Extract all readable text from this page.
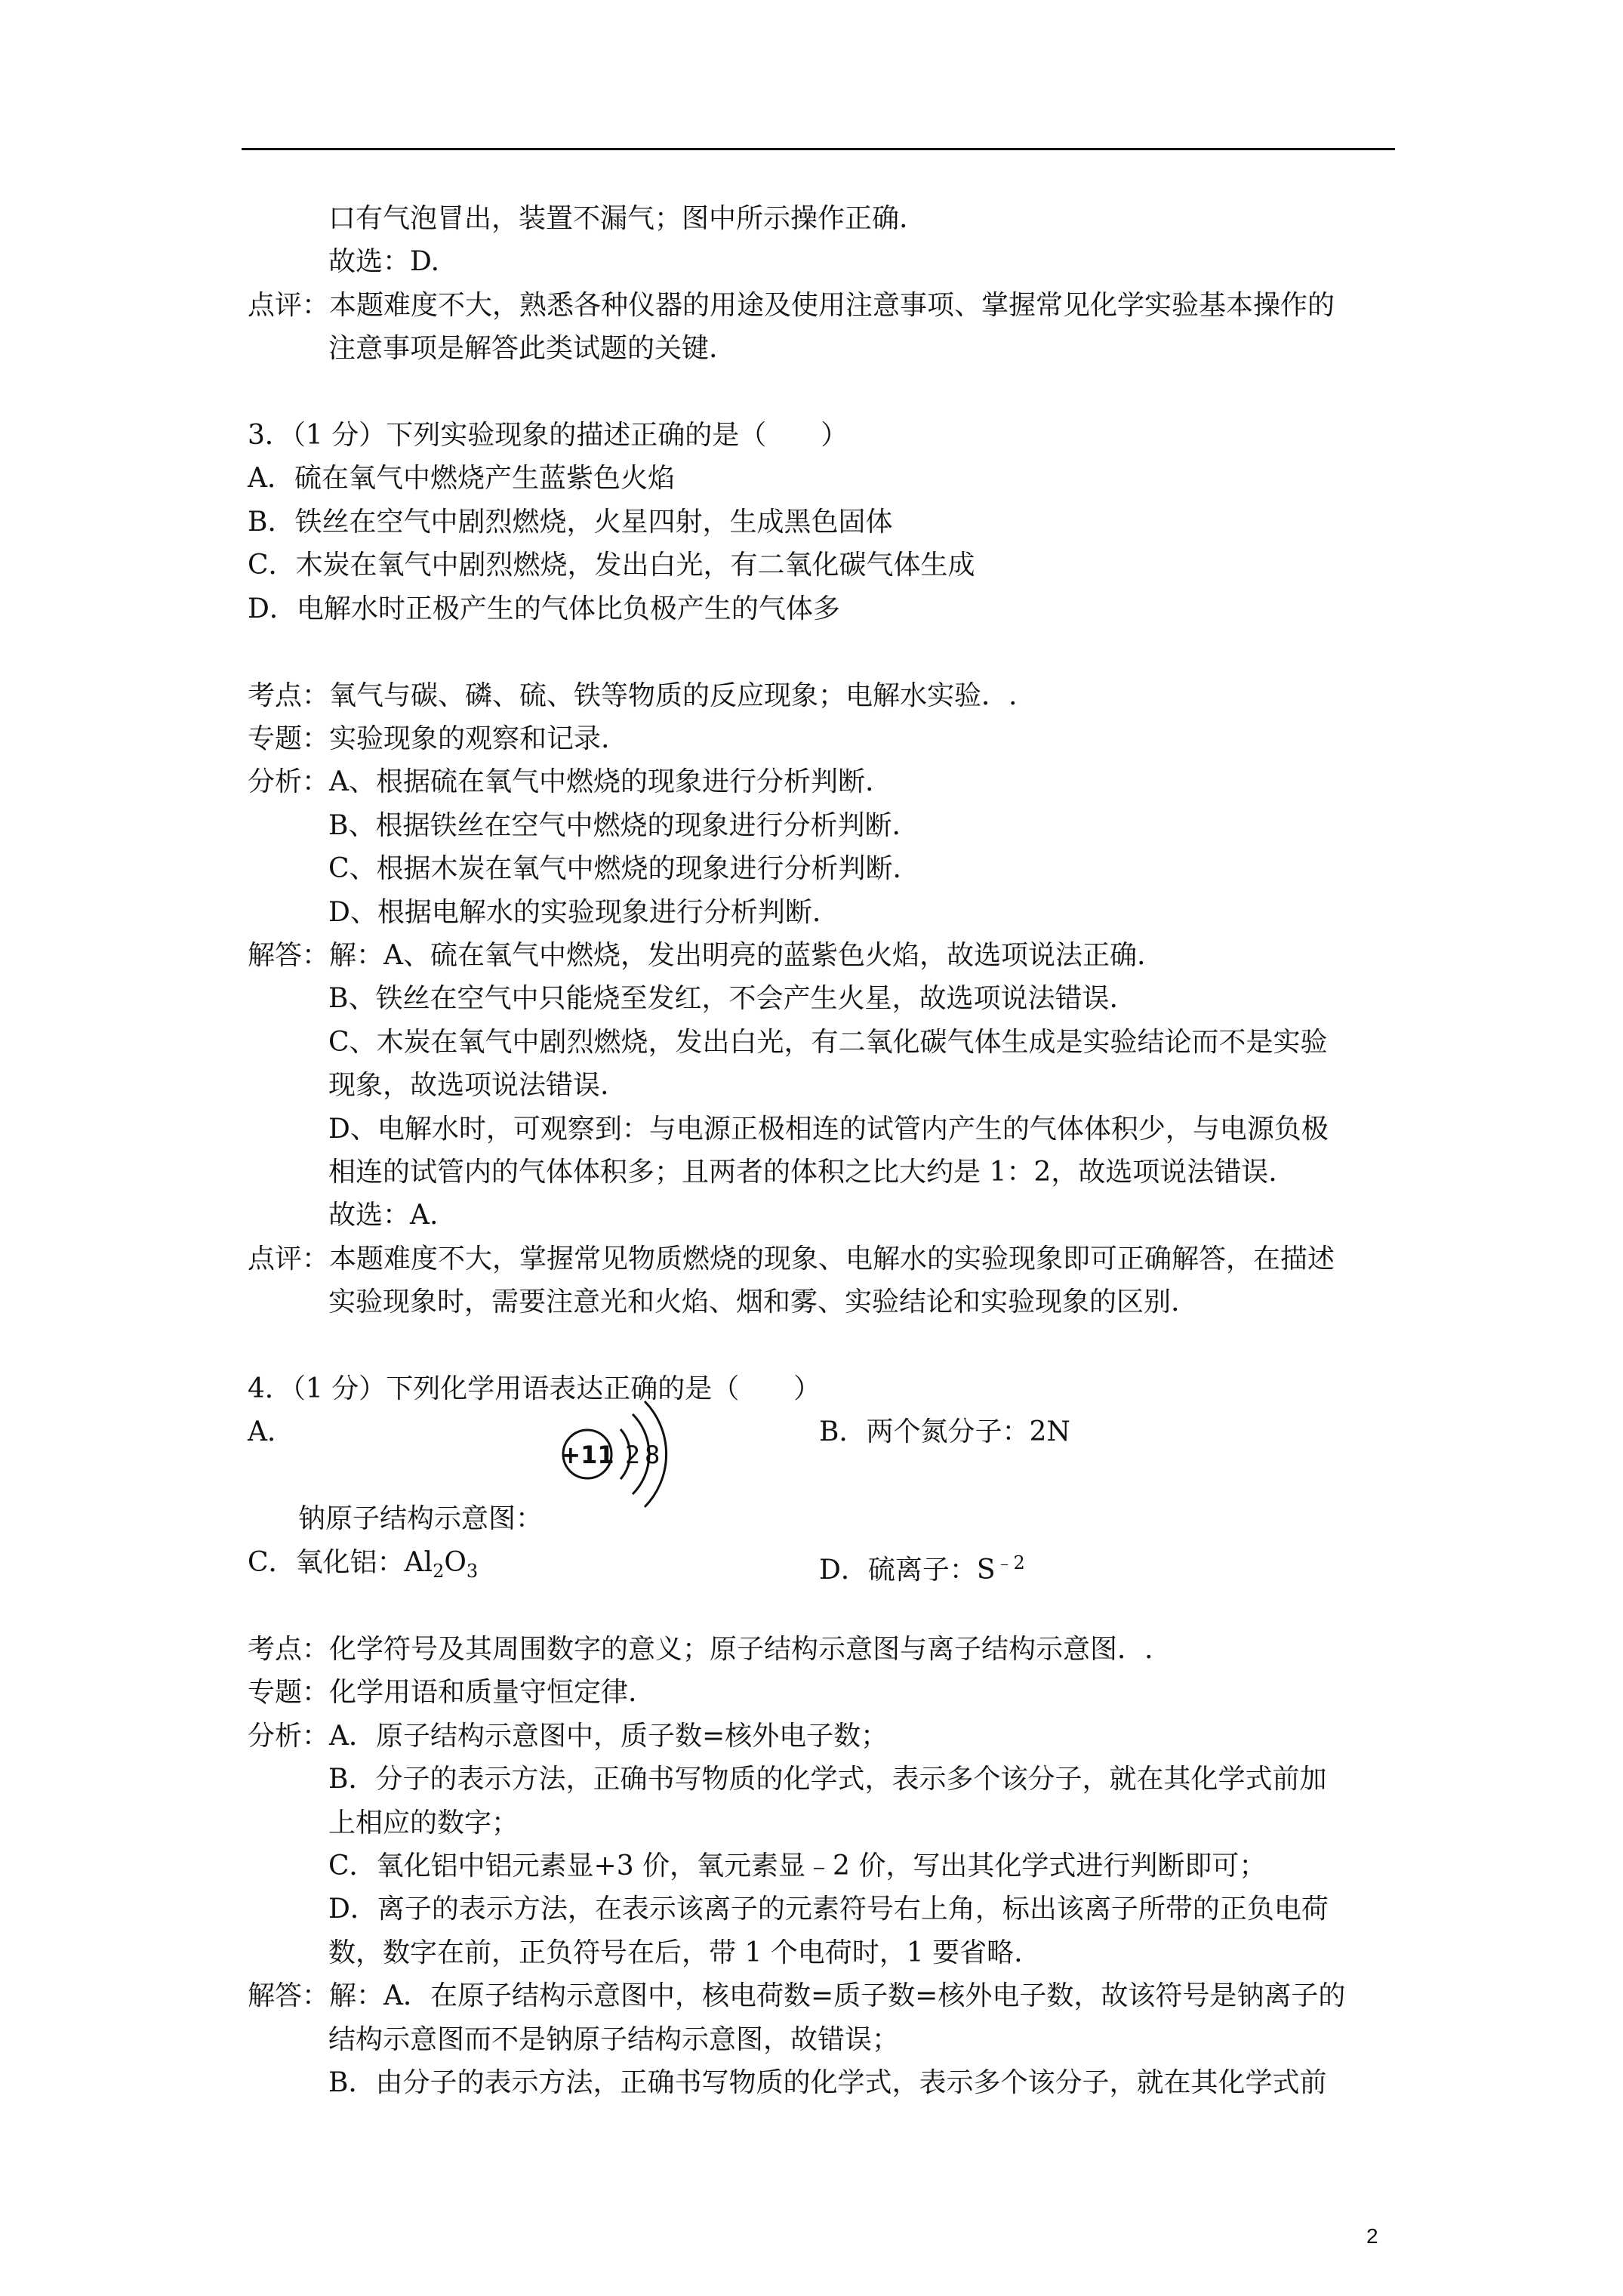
口有气泡冒出，装置不漏气；图中所示操作正确.
故选：D.
点评：本题难度不大，熟悉各种仪器的用途及使用注意事项、掌握常见化学实验基本操作的
注意事项是解答此类试题的关键.
3．（1 分）下列实验现象的描述正确的是（　　）
A．硫在氧气中燃烧产生蓝紫色火焰
B．铁丝在空气中剧烈燃烧，火星四射，生成黑色固体
C．木炭在氧气中剧烈燃烧，发出白光，有二氧化碳气体生成
D．电解水时正极产生的气体比负极产生的气体多
考点：氧气与碳、磷、硫、铁等物质的反应现象；电解水实验．.
专题：实验现象的观察和记录.
分析：A、根据硫在氧气中燃烧的现象进行分析判断.
B、根据铁丝在空气中燃烧的现象进行分析判断.
C、根据木炭在氧气中燃烧的现象进行分析判断.
D、根据电解水的实验现象进行分析判断.
解答：解：A、硫在氧气中燃烧，发出明亮的蓝紫色火焰，故选项说法正确.
B、铁丝在空气中只能烧至发红，不会产生火星，故选项说法错误.
C、木炭在氧气中剧烈燃烧，发出白光，有二氧化碳气体生成是实验结论而不是实验
现象，故选项说法错误.
D、电解水时，可观察到：与电源正极相连的试管内产生的气体体积少，与电源负极
相连的试管内的气体体积多；且两者的体积之比大约是 1：2，故选项说法错误.
故选：A.
点评：本题难度不大，掌握常见物质燃烧的现象、电解水的实验现象即可正确解答，在描述
实验现象时，需要注意光和火焰、烟和雾、实验结论和实验现象的区别.
4．（1 分）下列化学用语表达正确的是（　　）
A．	B．两个氮分子：2N
+11 2 8
钠原子结构示意图：
C．氧化铝：$Al_2O_3$	D．硫离子：$S^{﹣2}$
考点：化学符号及其周围数字的意义；原子结构示意图与离子结构示意图．.
专题：化学用语和质量守恒定律.
分析：A．原子结构示意图中，质子数=核外电子数；
B．分子的表示方法，正确书写物质的化学式，表示多个该分子，就在其化学式前加
上相应的数字；
C．氧化铝中铝元素显+3 价，氧元素显﹣2 价，写出其化学式进行判断即可；
D．离子的表示方法，在表示该离子的元素符号右上角，标出该离子所带的正负电荷
数，数字在前，正负符号在后，带 1 个电荷时，1 要省略.
解答：解：A．在原子结构示意图中，核电荷数=质子数=核外电子数，故该符号是钠离子的
结构示意图而不是钠原子结构示意图，故错误；
B．由分子的表示方法，正确书写物质的化学式，表示多个该分子，就在其化学式前
2
